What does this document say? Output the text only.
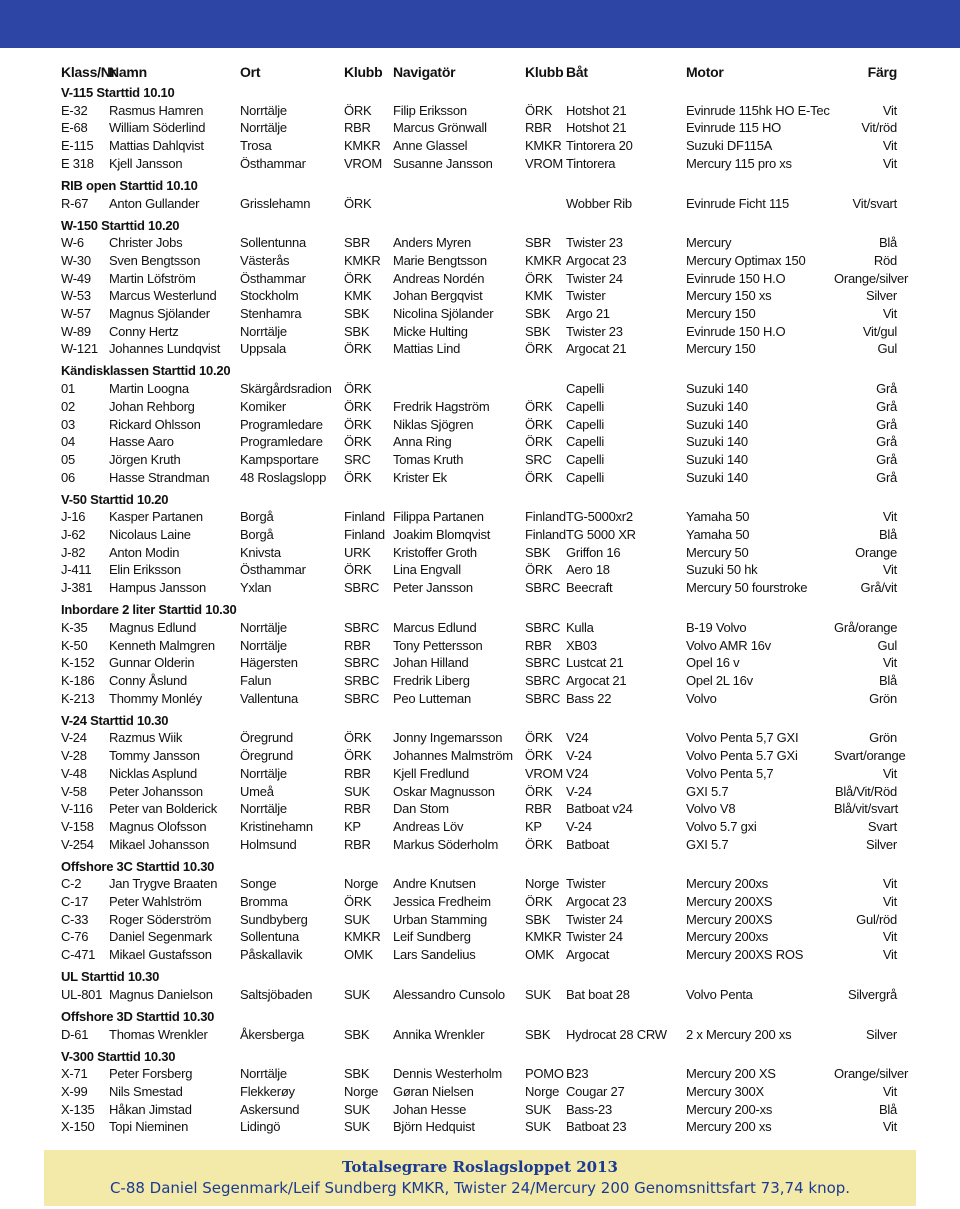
Klass/Nr	Namn	Ort	Klubb	Navigatör	Klubb	Båt	Motor	Färg
V-115 Starttid 10.10								
E-32	Rasmus Hamren	Norrtälje	ÖRK	Filip Eriksson	ÖRK	Hotshot 21	Evinrude 115hk HO E-Tec	Vit
E-68	William Söderlind	Norrtälje	RBR	Marcus Grönwall	RBR	Hotshot 21	Evinrude 115 HO	Vit/röd
E-115	Mattias Dahlqvist	Trosa	KMKR	Anne Glassel	KMKR	Tintorera 20	Suzuki DF115A	Vit
E 318	Kjell Jansson	Östhammar	VROM	Susanne Jansson	VROM	Tintorera	Mercury 115 pro xs	Vit
RIB open Starttid 10.10								
R-67	Anton Gullander	Grisslehamn	ÖRK			Wobber Rib	Evinrude Ficht 115	Vit/svart
W-150 Starttid 10.20								
W-6	Christer Jobs	Sollentunna	SBR	Anders Myren	SBR	Twister 23	Mercury	Blå
W-30	Sven Bengtsson	Västerås	KMKR	Marie Bengtsson	KMKR	Argocat 23	Mercury Optimax 150	Röd
W-49	Martin Löfström	Östhammar	ÖRK	Andreas Nordén	ÖRK	Twister 24	Evinrude 150 H.O	Orange/silver
W-53	Marcus Westerlund	Stockholm	KMK	Johan Bergqvist	KMK	Twister	Mercury 150 xs	Silver
W-57	Magnus Sjölander	Stenhamra	SBK	Nicolina Sjölander	SBK	Argo 21	Mercury 150	Vit
W-89	Conny Hertz	Norrtälje	SBK	Micke Hulting	SBK	Twister 23	Evinrude 150 H.O	Vit/gul
W-121	Johannes Lundqvist	Uppsala	ÖRK	Mattias Lind	ÖRK	Argocat 21	Mercury 150	Gul
Kändisklassen Starttid 10.20								
01	Martin Loogna	Skärgårdsradion	ÖRK			Capelli	Suzuki 140	Grå
02	Johan Rehborg	Komiker	ÖRK	Fredrik Hagström	ÖRK	Capelli	Suzuki 140	Grå
03	Rickard Ohlsson	Programledare	ÖRK	Niklas Sjögren	ÖRK	Capelli	Suzuki 140	Grå
04	Hasse Aaro	Programledare	ÖRK	Anna Ring	ÖRK	Capelli	Suzuki 140	Grå
05	Jörgen Kruth	Kampsportare	SRC	Tomas Kruth	SRC	Capelli	Suzuki 140	Grå
06	Hasse Strandman	48 Roslagslopp	ÖRK	Krister Ek	ÖRK	Capelli	Suzuki 140	Grå
V-50 Starttid 10.20								
J-16	Kasper Partanen	Borgå	Finland	Filippa Partanen	Finland	TG-5000xr2	Yamaha 50	Vit
J-62	Nicolaus Laine	Borgå	Finland	Joakim Blomqvist	Finland	TG 5000 XR	Yamaha 50	Blå
J-82	Anton Modin	Knivsta	URK	Kristoffer Groth	SBK	Griffon 16	Mercury 50	Orange
J-411	Elin Eriksson	Östhammar	ÖRK	Lina Engvall	ÖRK	Aero 18	Suzuki 50 hk	Vit
J-381	Hampus Jansson	Yxlan	SBRC	Peter Jansson	SBRC	Beecraft	Mercury 50 fourstroke	Grå/vit
Inbordare 2 liter Starttid 10.30								
K-35	Magnus Edlund	Norrtälje	SBRC	Marcus Edlund	SBRC	Kulla	B-19 Volvo	Grå/orange
K-50	Kenneth Malmgren	Norrtälje	RBR	Tony Pettersson	RBR	XB03	Volvo AMR 16v	Gul
K-152	Gunnar Olderin	Hägersten	SBRC	Johan Hilland	SBRC	Lustcat 21	Opel 16 v	Vit
K-186	Conny Åslund	Falun	SRBC	Fredrik Liberg	SBRC	Argocat 21	Opel 2L 16v	Blå
K-213	Thommy Monléy	Vallentuna	SBRC	Peo Lutteman	SBRC	Bass 22	Volvo	Grön
V-24 Starttid 10.30								
V-24	Razmus Wiik	Öregrund	ÖRK	Jonny Ingemarsson	ÖRK	V24	Volvo Penta 5,7 GXI	Grön
V-28	Tommy Jansson	Öregrund	ÖRK	Johannes Malmström	ÖRK	V-24	Volvo Penta 5.7 GXi	Svart/orange
V-48	Nicklas Asplund	Norrtälje	RBR	Kjell Fredlund	VROM	V24	Volvo Penta 5,7	Vit
V-58	Peter Johansson	Umeå	SUK	Oskar Magnusson	ÖRK	V-24	GXI 5.7	Blå/Vit/Röd
V-116	Peter van Bolderick	Norrtälje	RBR	Dan Stom	RBR	Batboat v24	Volvo V8	Blå/vit/svart
V-158	Magnus Olofsson	Kristinehamn	KP	Andreas Löv	KP	V-24	Volvo 5.7 gxi	Svart
V-254	Mikael Johansson	Holmsund	RBR	Markus Söderholm	ÖRK	Batboat	GXI 5.7	Silver
Offshore 3C Starttid 10.30								
C-2	Jan Trygve Braaten	Songe	Norge	Andre Knutsen	Norge	Twister	Mercury 200xs	Vit
C-17	Peter Wahlström	Bromma	ÖRK	Jessica Fredheim	ÖRK	Argocat 23	Mercury 200XS	Vit
C-33	Roger Söderström	Sundbyberg	SUK	Urban Stamming	SBK	Twister 24	Mercury 200XS	Gul/röd
C-76	Daniel Segenmark	Sollentuna	KMKR	Leif Sundberg	KMKR	Twister 24	Mercury 200xs	Vit
C-471	Mikael Gustafsson	Påskallavik	OMK	Lars Sandelius	OMK	Argocat	Mercury 200XS ROS	Vit
UL Starttid 10.30								
UL-801	Magnus Danielson	Saltsjöbaden	SUK	Alessandro Cunsolo	SUK	Bat boat 28	Volvo Penta	Silvergrå
Offshore 3D Starttid 10.30								
D-61	Thomas Wrenkler	Åkersberga	SBK	Annika Wrenkler	SBK	Hydrocat 28 CRW	2 x Mercury 200 xs	Silver
V-300 Starttid 10.30								
X-71	Peter Forsberg	Norrtälje	SBK	Dennis Westerholm	POMO	B23	Mercury 200 XS	Orange/silver
X-99	Nils Smestad	Flekkerøy	Norge	Gøran Nielsen	Norge	Cougar 27	Mercury 300X	Vit
X-135	Håkan Jimstad	Askersund	SUK	Johan Hesse	SUK	Bass-23	Mercury 200-xs	Blå
X-150	Topi Nieminen	Lidingö	SUK	Björn Hedquist	SUK	Batboat 23	Mercury 200 xs	Vit
Totalsegrare Roslagsloppet 2013
C-88 Daniel Segenmark/Leif Sundberg KMKR, Twister 24/Mercury 200 Genomsnittsfart 73,74 knop.
